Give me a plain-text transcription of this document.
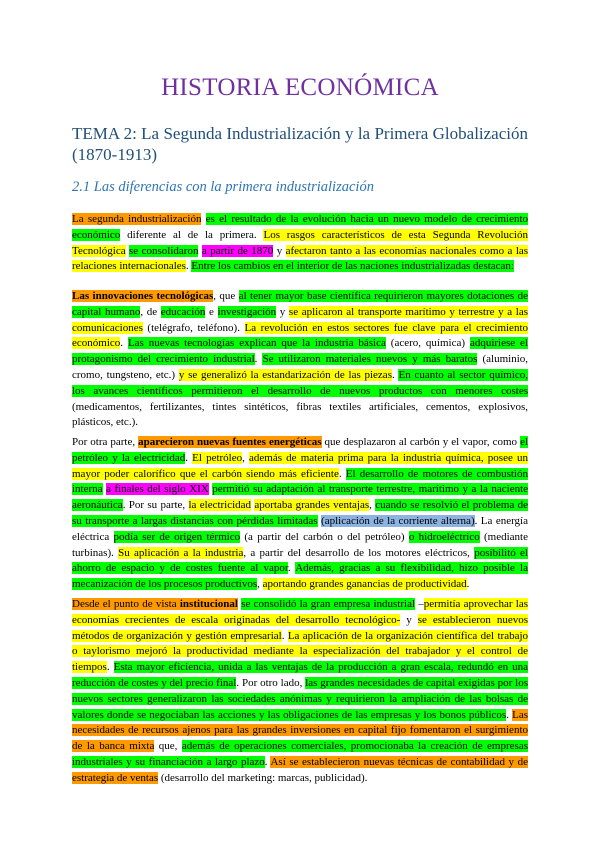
HISTORIA ECONÓMICA
TEMA 2: La Segunda Industrialización y la Primera Globalización (1870-1913)
2.1 Las diferencias con la primera industrialización

La segunda industrialización es el resultado de la evolución hacia un nuevo modelo de crecimiento económico diferente al de la primera. Los rasgos característicos de esta Segunda Revolución Tecnológica se consolidaron a partir de 1870 y afectaron tanto a las economías nacionales como a las relaciones internacionales. Entre los cambios en el interior de las naciones industrializadas destacan:

Las innovaciones tecnológicas, que al tener mayor base científica requirieron mayores dotaciones de capital humano, de educación e investigación y se aplicaron al transporte marítimo y terrestre y a las comunicaciones (telégrafo, teléfono). La revolución en estos sectores fue clave para el crecimiento económico. Las nuevas tecnologías explican que la industria básica (acero, química) adquiriese el protagonismo del crecimiento industrial. Se utilizaron materiales nuevos y más baratos (aluminio, cromo, tungsteno, etc.) y se generalizó la estandarización de las piezas. En cuanto al sector químico, los avances científicos permitieron el desarrollo de nuevos productos con menores costes (medicamentos, fertilizantes, tintes sintéticos, fibras textiles artificiales, cementos, explosivos, plásticos, etc.).

Por otra parte, aparecieron nuevas fuentes energéticas que desplazaron al carbón y el vapor, como el petróleo y la electricidad. El petróleo, además de materia prima para la industria química, posee un mayor poder calorífico que el carbón siendo más eficiente. El desarrollo de motores de combustión interna a finales del siglo XIX permitió su adaptación al transporte terrestre, marítimo y a la naciente aeronáutica. Por su parte, la electricidad aportaba grandes ventajas, cuando se resolvió el problema de su transporte a largas distancias con pérdidas limitadas (aplicación de la corriente alterna). La energía eléctrica podía ser de origen térmico (a partir del carbón o del petróleo) o hidroeléctrico (mediante turbinas). Su aplicación a la industria, a partir del desarrollo de los motores eléctricos, posibilitó el ahorro de espacio y de costes fuente al vapor. Además, gracias a su flexibilidad, hizo posible la mecanización de los procesos productivos, aportando grandes ganancias de productividad.

Desde el punto de vista institucional se consolidó la gran empresa industrial –permitía aprovechar las economías crecientes de escala originadas del desarrollo tecnológico- y se establecieron nuevos métodos de organización y gestión empresarial. La aplicación de la organización científica del trabajo o taylorismo mejoró la productividad mediante la especialización del trabajador y el control de tiempos. Esta mayor eficiencia, unida a las ventajas de la producción a gran escala, redundó en una reducción de costes y del precio final. Por otro lado, las grandes necesidades de capital exigidas por los nuevos sectores generalizaron las sociedades anónimas y requirieron la ampliación de las bolsas de valores donde se negociaban las acciones y las obligaciones de las empresas y los bonos públicos. Las necesidades de recursos ajenos para las grandes inversiones en capital fijo fomentaron el surgimiento de la banca mixta que, además de operaciones comerciales, promocionaba la creación de empresas industriales y su financiación a largo plazo. Así se establecieron nuevas técnicas de contabilidad y de estrategia de ventas (desarrollo del marketing: marcas, publicidad).
